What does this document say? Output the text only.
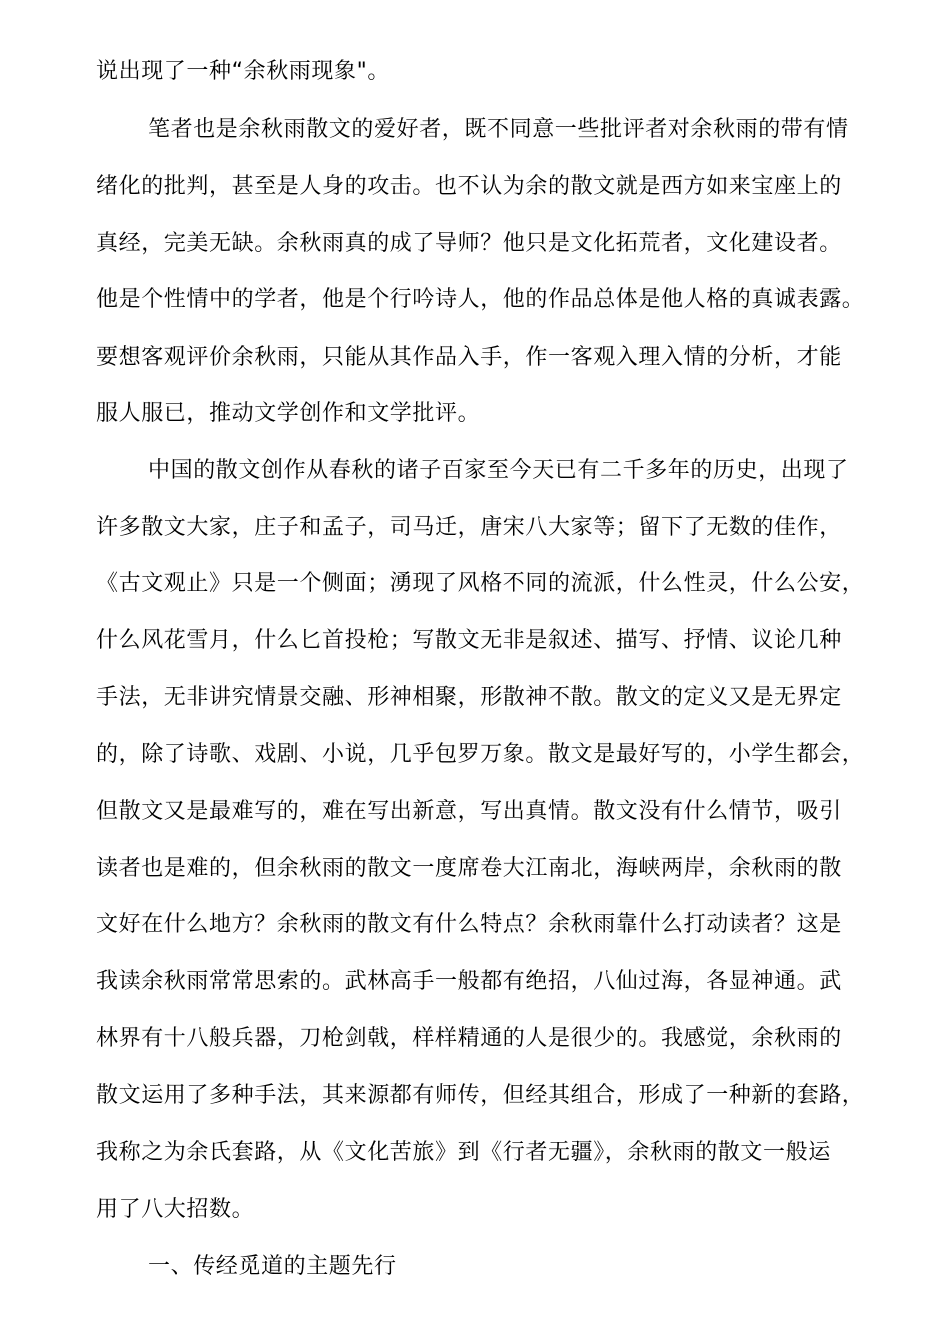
说出现了一种“余秋雨现象"。
笔者也是余秋雨散文的爱好者，既不同意一些批评者对余秋雨的带有情
绪化的批判，甚至是人身的攻击。也不认为余的散文就是西方如来宝座上的
真经，完美无缺。余秋雨真的成了导师？他只是文化拓荒者，文化建设者。
他是个性情中的学者，他是个行吟诗人，他的作品总体是他人格的真诚表露。
要想客观评价余秋雨，只能从其作品入手，作一客观入理入情的分析，才能
服人服已，推动文学创作和文学批评。
中国的散文创作从春秋的诸子百家至今天已有二千多年的历史，出现了
许多散文大家，庄子和孟子，司马迁，唐宋八大家等；留下了无数的佳作，
《古文观止》只是一个侧面；湧现了风格不同的流派，什么性灵，什么公安，
什么风花雪月，什么匕首投枪；写散文无非是叙述、描写、抒情、议论几种
手法，无非讲究情景交融、形神相聚，形散神不散。散文的定义又是无界定
的，除了诗歌、戏剧、小说，几乎包罗万象。散文是最好写的，小学生都会，
但散文又是最难写的，难在写出新意，写出真情。散文没有什么情节，吸引
读者也是难的，但余秋雨的散文一度席卷大江南北，海峡两岸，余秋雨的散
文好在什么地方？余秋雨的散文有什么特点？余秋雨靠什么打动读者？这是
我读余秋雨常常思索的。武林高手一般都有绝招，八仙过海，各显神通。武
林界有十八般兵器，刀枪剑戟，样样精通的人是很少的。我感觉，余秋雨的
散文运用了多种手法，其来源都有师传，但经其组合，形成了一种新的套路，
我称之为余氏套路，从《文化苦旅》到《行者无疆》，余秋雨的散文一般运
用了八大招数。
一、传经觅道的主题先行
